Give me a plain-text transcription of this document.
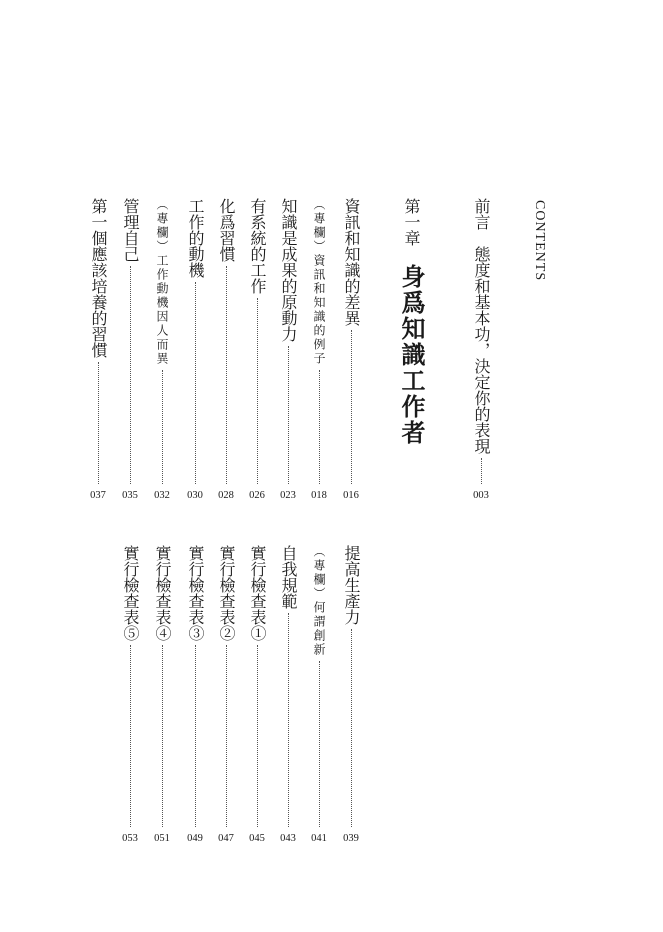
CONTENTS
前言　態度和基本功，決定你的表現
003
第一章
身爲知識工作者
資訊和知識的差異
016
（專欄）資訊和知識的例子
018
知識是成果的原動力
023
有系統的工作
026
化爲習慣
028
工作的動機
030
（專欄）工作動機因人而異
032
管理自己
035
第一個應該培養的習慣
037
提高生產力
039
（專欄）何謂創新
041
自我規範
043
實行檢查表①
045
實行檢查表②
047
實行檢查表③
049
實行檢查表④
051
實行檢查表⑤
053
